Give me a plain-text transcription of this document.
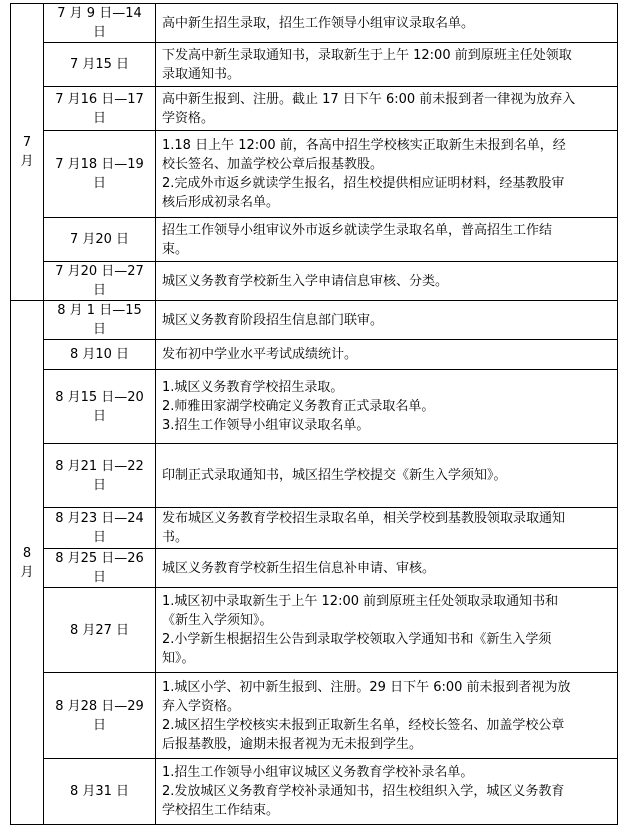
7
月	7 月 9 日—14 日	高中新生招生录取，招生工作领导小组审议录取名单。

	7 月15 日	下发高中新生录取通知书，录取新生于上午 12:00 前到原班主任处领取
录取通知书。

	7 月16 日—17 日	高中新生报到、注册。截止 17 日下午 6:00 前未报到者一律视为放弃入
学资格。

	7 月18 日—19 日	1.18 日上午 12:00 前，各高中招生学校核实正取新生未报到名单，经
校长签名、加盖学校公章后报基教股。
2.完成外市返乡就读学生报名，招生校提供相应证明材料，经基教股审
核后形成初录名单。

	7 月20 日	招生工作领导小组审议外市返乡就读学生录取名单，普高招生工作结
束。

	7 月20 日—27 日	城区义务教育学校新生入学申请信息审核、分类。

8
月	8 月 1 日—15 日	城区义务教育阶段招生信息部门联审。

	8 月10 日	发布初中学业水平考试成绩统计。

	8 月15 日—20 日	1.城区义务教育学校招生录取。
2.师雅田家湖学校确定义务教育正式录取名单。
3.招生工作领导小组审议录取名单。

	8 月21 日—22 日	印制正式录取通知书，城区招生学校提交《新生入学须知》。

	8 月23 日—24 日	发布城区义务教育学校招生录取名单，相关学校到基教股领取录取通知
书。

	8 月25 日—26 日	城区义务教育学校新生招生信息补申请、审核。

	8 月27 日	1.城区初中录取新生于上午 12:00 前到原班主任处领取录取通知书和
《新生入学须知》。
2.小学新生根据招生公告到录取学校领取入学通知书和《新生入学须
知》。

	8 月28 日—29 日	1.城区小学、初中新生报到、注册。29 日下午 6:00 前未报到者视为放
弃入学资格。
2.城区招生学校核实未报到正取新生名单，经校长签名、加盖学校公章
后报基教股，逾期未报者视为无未报到学生。

	8 月31 日	1.招生工作领导小组审议城区义务教育学校补录名单。
2.发放城区义务教育学校补录通知书，招生校组织入学，城区义务教育
学校招生工作结束。
